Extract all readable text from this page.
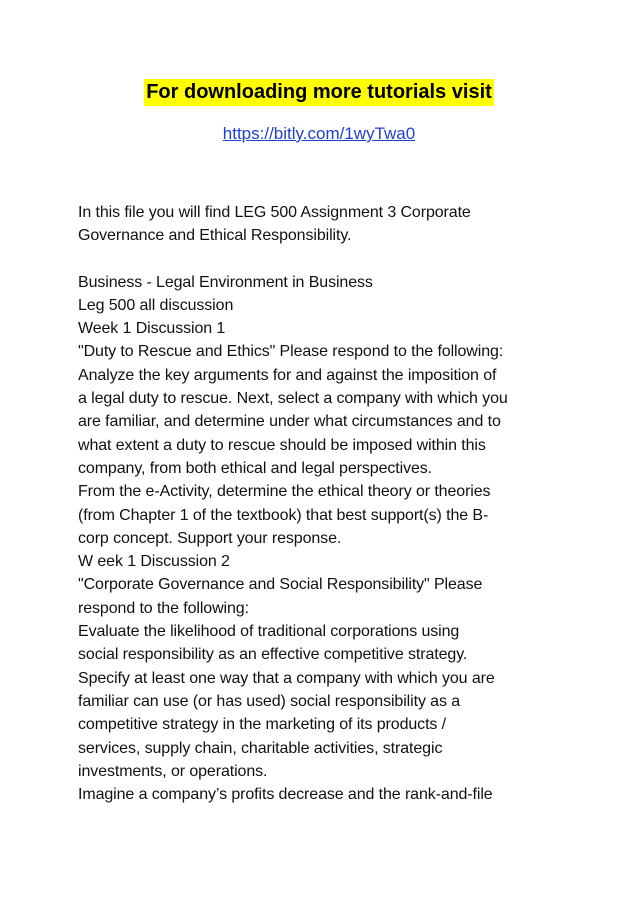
For downloading more tutorials visit
https://bitly.com/1wyTwa0
In this file you will find LEG 500 Assignment 3 Corporate
Governance and Ethical Responsibility.
Business - Legal Environment in Business
Leg 500 all discussion
Week 1 Discussion 1
"Duty to Rescue and Ethics" Please respond to the following:
Analyze the key arguments for and against the imposition of
a legal duty to rescue. Next, select a company with which you
are familiar, and determine under what circumstances and to
what extent a duty to rescue should be imposed within this
company, from both ethical and legal perspectives.
From the e-Activity, determine the ethical theory or theories
(from Chapter 1 of the textbook) that best support(s) the B-
corp concept. Support your response.
W eek 1 Discussion 2
"Corporate Governance and Social Responsibility" Please
respond to the following:
Evaluate the likelihood of traditional corporations using
social responsibility as an effective competitive strategy.
Specify at least one way that a company with which you are
familiar can use (or has used) social responsibility as a
competitive strategy in the marketing of its products /
services, supply chain, charitable activities, strategic
investments, or operations.
Imagine a company’s profits decrease and the rank-and-file
